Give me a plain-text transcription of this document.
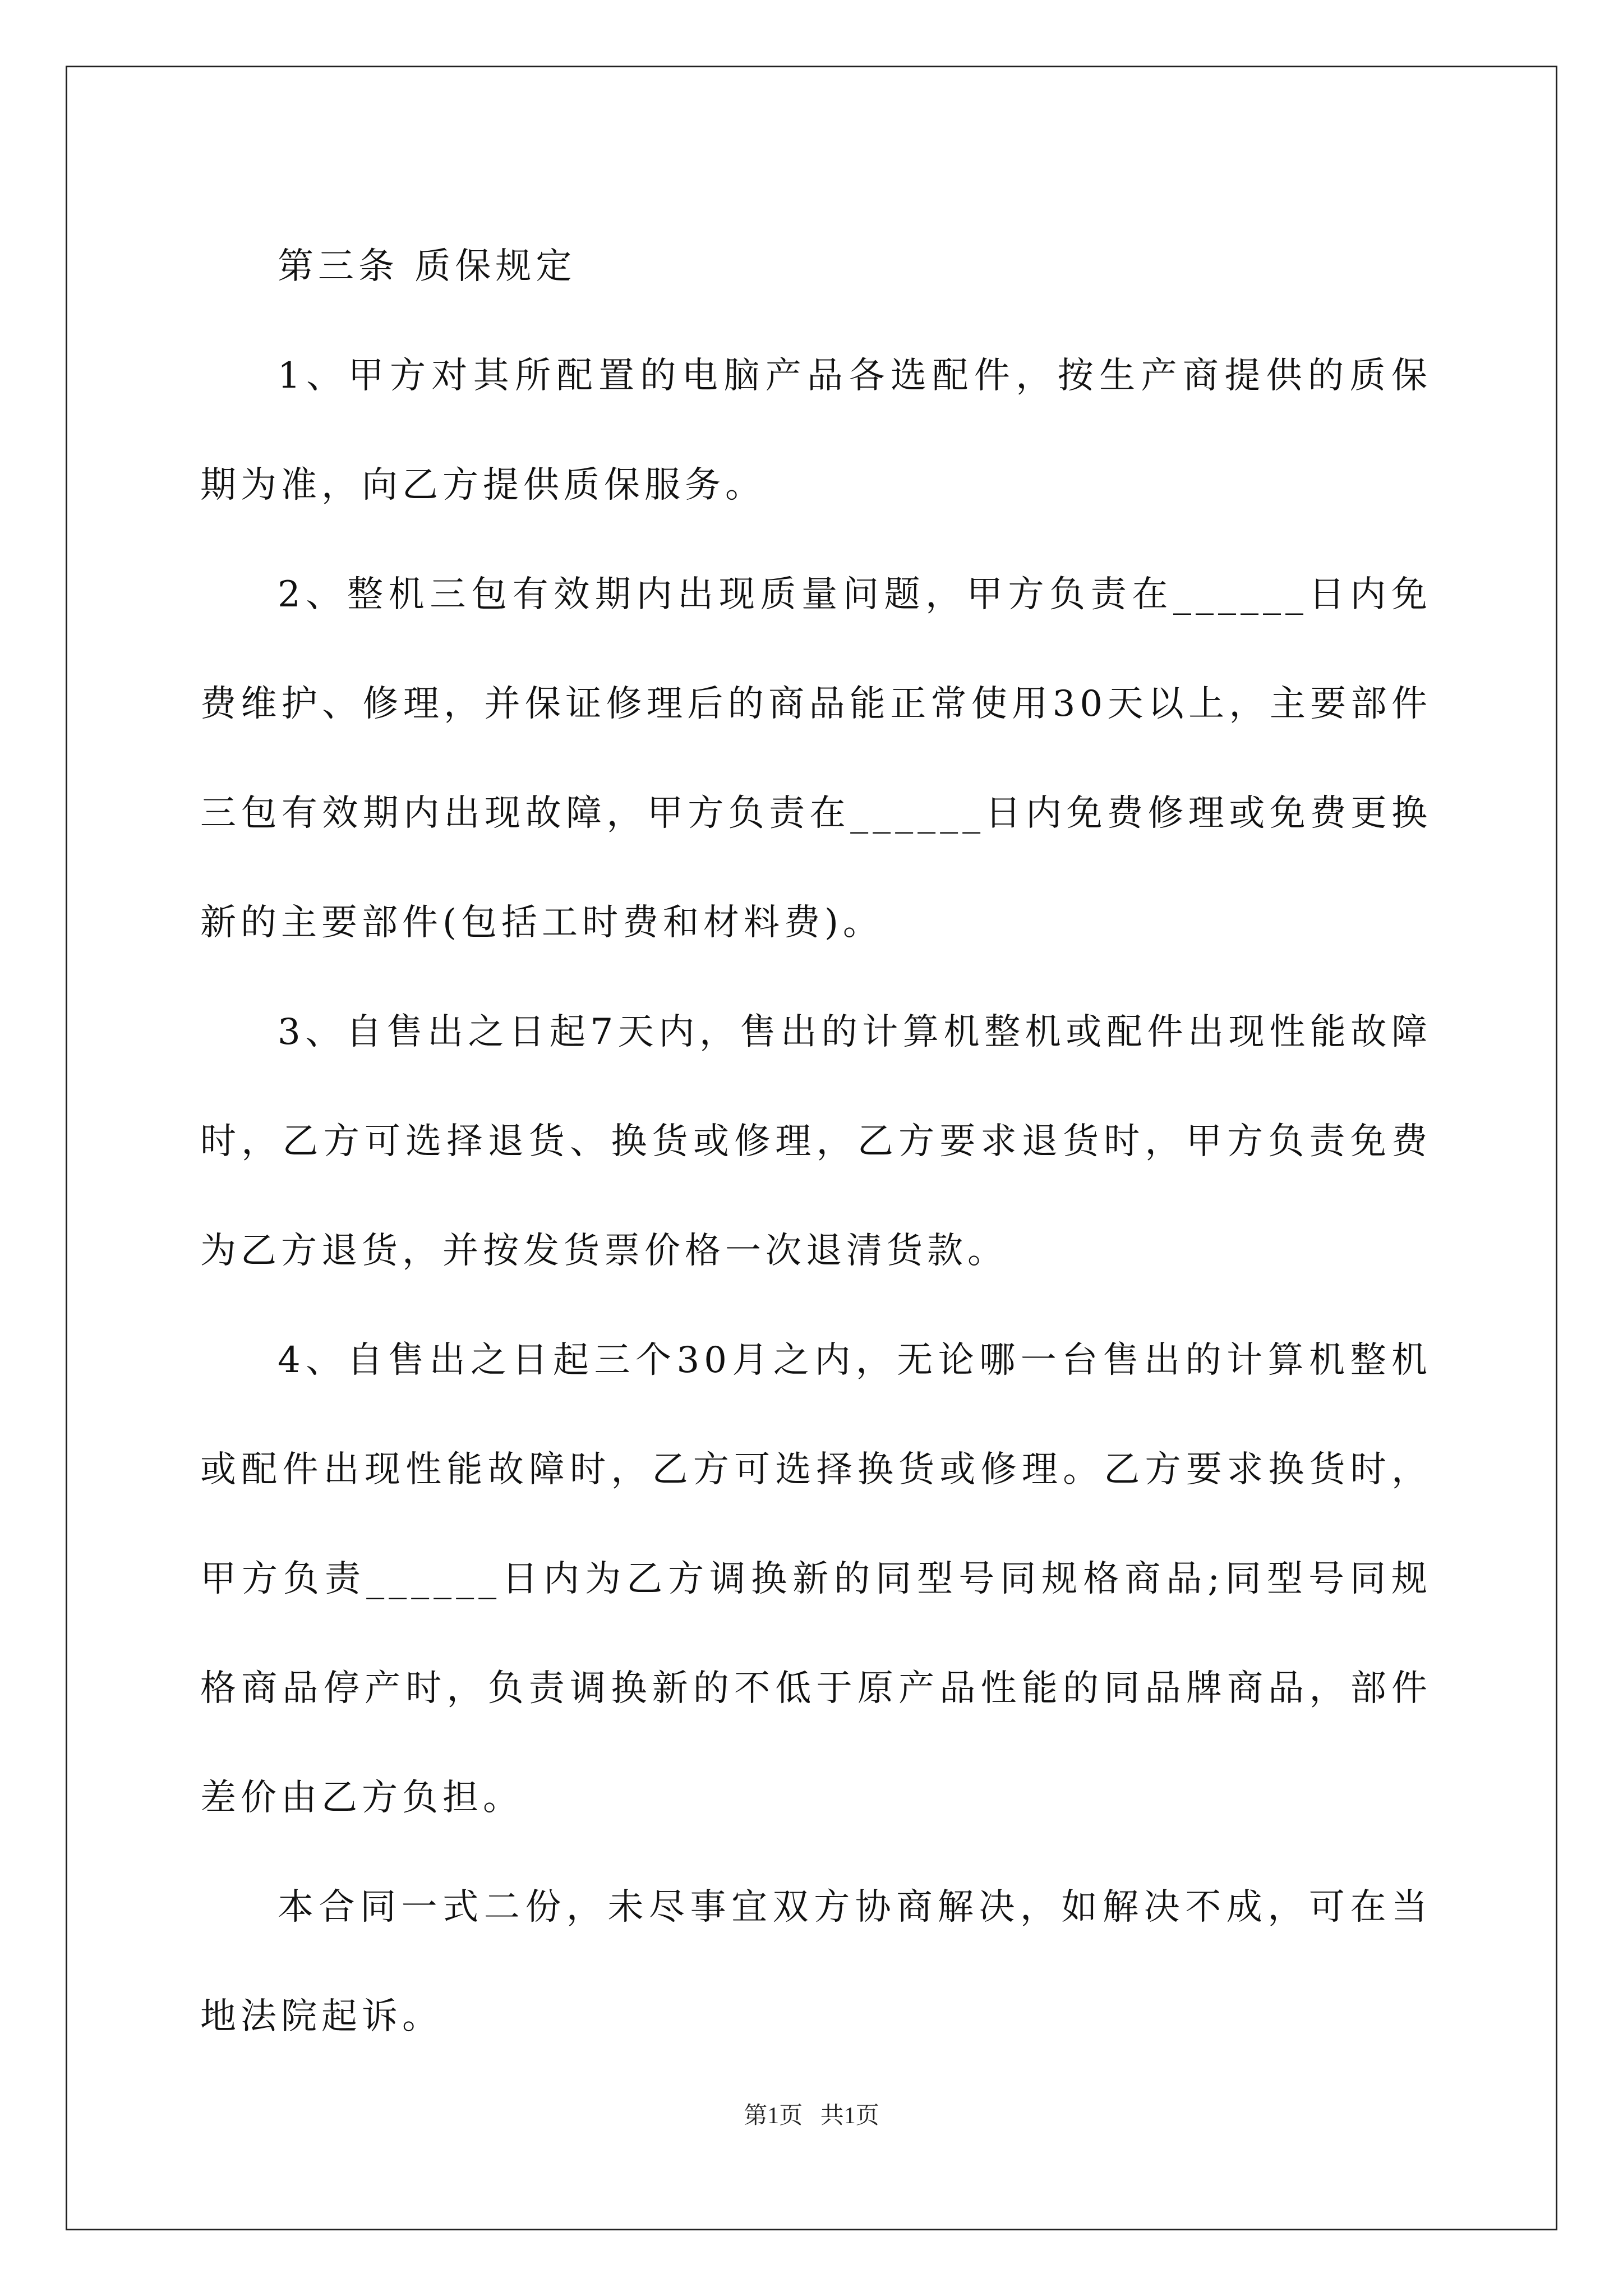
第三条 质保规定

1、甲方对其所配置的电脑产品各选配件，按生产商提供的质保期为准，向乙方提供质保服务。

2、整机三包有效期内出现质量问题，甲方负责在______日内免费维护、修理，并保证修理后的商品能正常使用30天以上，主要部件三包有效期内出现故障，甲方负责在______日内免费修理或免费更换新的主要部件(包括工时费和材料费)。

3、自售出之日起7天内，售出的计算机整机或配件出现性能故障时，乙方可选择退货、换货或修理，乙方要求退货时，甲方负责免费为乙方退货，并按发货票价格一次退清货款。

4、自售出之日起三个30月之内，无论哪一台售出的计算机整机或配件出现性能故障时，乙方可选择换货或修理。乙方要求换货时，甲方负责______日内为乙方调换新的同型号同规格商品;同型号同规格商品停产时，负责调换新的不低于原产品性能的同品牌商品，部件差价由乙方负担。

本合同一式二份，未尽事宜双方协商解决，如解决不成，可在当地法院起诉。

第1页   共1页
